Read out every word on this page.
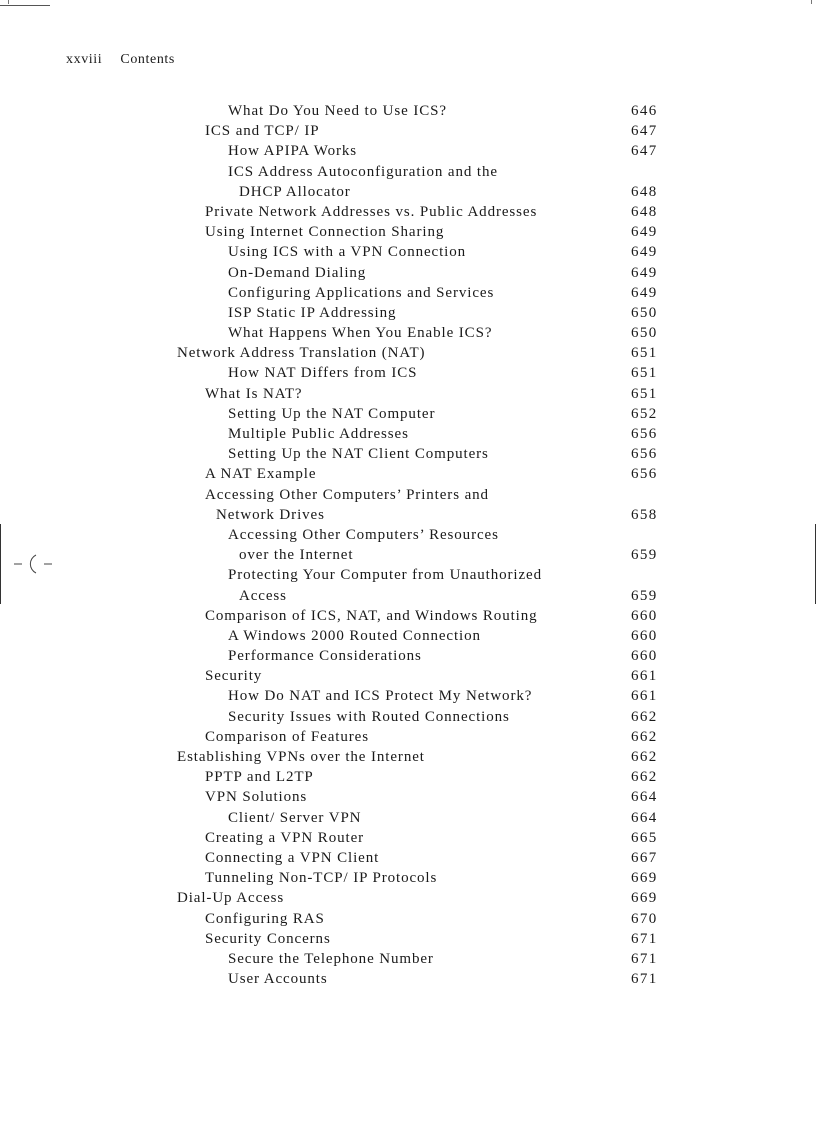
xxviii Contents
What Do You Need to Use ICS?	646
ICS and TCP/ IP	647
How APIPA Works	647
ICS Address Autoconfiguration and the
DHCP Allocator	648
Private Network Addresses vs. Public Addresses	648
Using Internet Connection Sharing	649
Using ICS with a VPN Connection	649
On-Demand Dialing	649
Configuring Applications and Services	649
ISP Static IP Addressing	650
What Happens When You Enable ICS?	650
Network Address Translation (NAT)	651
How NAT Differs from ICS	651
What Is NAT?	651
Setting Up the NAT Computer	652
Multiple Public Addresses	656
Setting Up the NAT Client Computers	656
A NAT Example	656
Accessing Other Computers’ Printers and
Network Drives	658
Accessing Other Computers’ Resources
over the Internet	659
Protecting Your Computer from Unauthorized
Access	659
Comparison of ICS, NAT, and Windows Routing	660
A Windows 2000 Routed Connection	660
Performance Considerations	660
Security	661
How Do NAT and ICS Protect My Network?	661
Security Issues with Routed Connections	662
Comparison of Features	662
Establishing VPNs over the Internet	662
PPTP and L2TP	662
VPN Solutions	664
Client/ Server VPN	664
Creating a VPN Router	665
Connecting a VPN Client	667
Tunneling Non-TCP/ IP Protocols	669
Dial-Up Access	669
Configuring RAS	670
Security Concerns	671
Secure the Telephone Number	671
User Accounts	671
